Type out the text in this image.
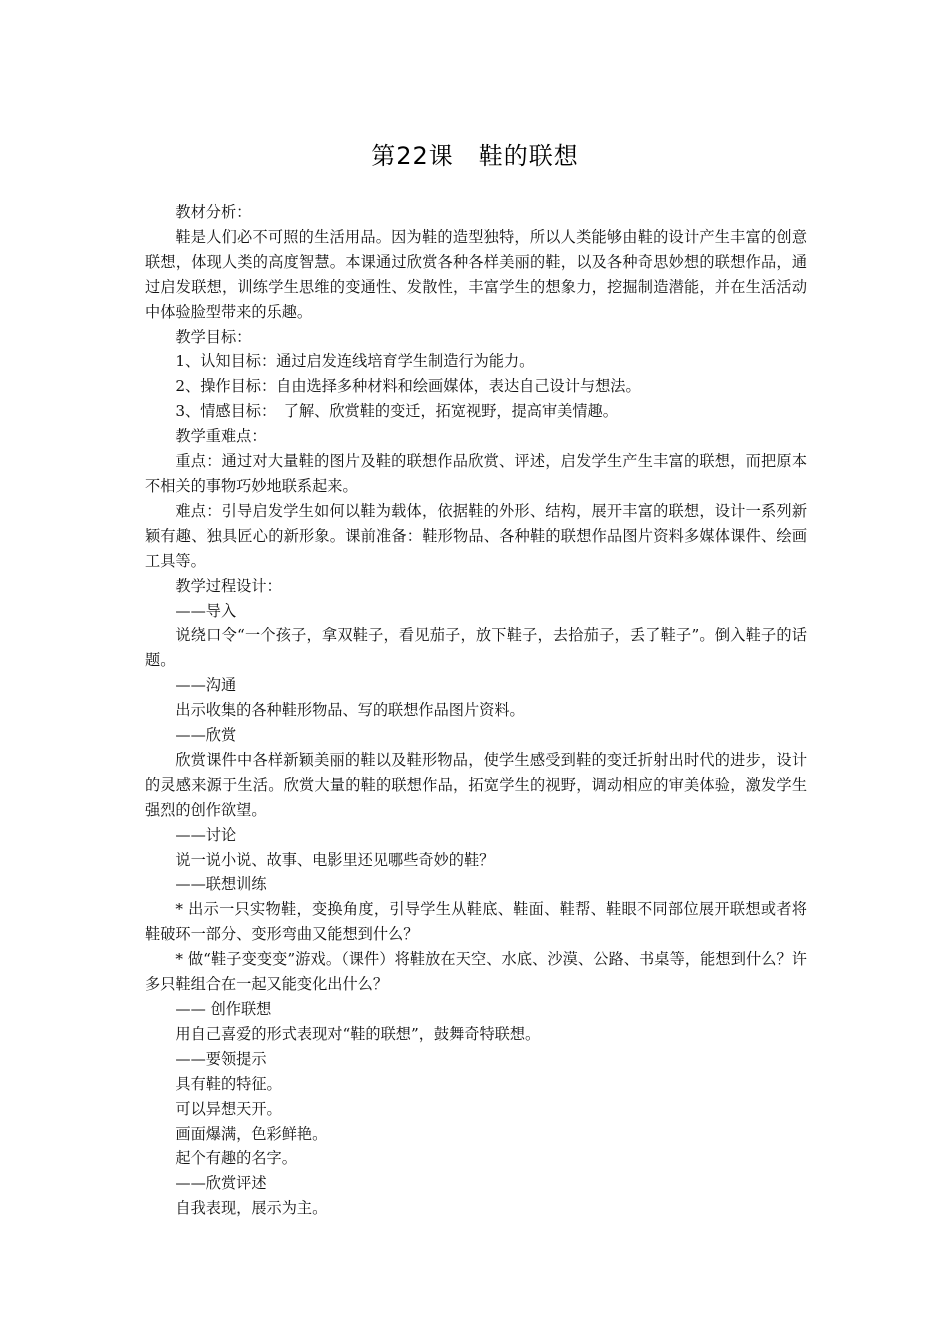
第22课　鞋的联想

教材分析：

鞋是人们必不可照的生活用品。因为鞋的造型独特，所以人类能够由鞋的设计产生丰富的创意联想，体现人类的高度智慧。本课通过欣赏各种各样美丽的鞋，以及各种奇思妙想的联想作品，通过启发联想，训练学生思维的变通性、发散性，丰富学生的想象力，挖掘制造潜能，并在生活活动中体验脸型带来的乐趣。

教学目标：

1、认知目标：通过启发连线培育学生制造行为能力。

2、操作目标：自由选择多种材料和绘画媒体，表达自己设计与想法。

3、情感目标：　了解、欣赏鞋的变迁，拓宽视野，提高审美情趣。

教学重难点：

重点：通过对大量鞋的图片及鞋的联想作品欣赏、评述，启发学生产生丰富的联想，而把原本不相关的事物巧妙地联系起来。

难点：引导启发学生如何以鞋为载体，依据鞋的外形、结构，展开丰富的联想，设计一系列新颖有趣、独具匠心的新形象。课前准备：鞋形物品、各种鞋的联想作品图片资料多媒体课件、绘画工具等。

教学过程设计：

——导入

说绕口令“一个孩子，拿双鞋子，看见茄子，放下鞋子，去拾茄子，丢了鞋子”。倒入鞋子的话题。

——沟通

出示收集的各种鞋形物品、写的联想作品图片资料。

——欣赏

欣赏课件中各样新颖美丽的鞋以及鞋形物品，使学生感受到鞋的变迁折射出时代的进步，设计的灵感来源于生活。欣赏大量的鞋的联想作品，拓宽学生的视野，调动相应的审美体验，激发学生强烈的创作欲望。

——讨论

说一说小说、故事、电影里还见哪些奇妙的鞋？

——联想训练

* 出示一只实物鞋，变换角度，引导学生从鞋底、鞋面、鞋帮、鞋眼不同部位展开联想或者将鞋破环一部分、变形弯曲又能想到什么？

* 做“鞋子变变变”游戏。（课件）将鞋放在天空、水底、沙漠、公路、书桌等，能想到什么？许多只鞋组合在一起又能变化出什么？

—— 创作联想

用自己喜爱的形式表现对“鞋的联想”，鼓舞奇特联想。

——要领提示

具有鞋的特征。

可以异想天开。

画面爆满，色彩鲜艳。

起个有趣的名字。

——欣赏评述

自我表现，展示为主。
